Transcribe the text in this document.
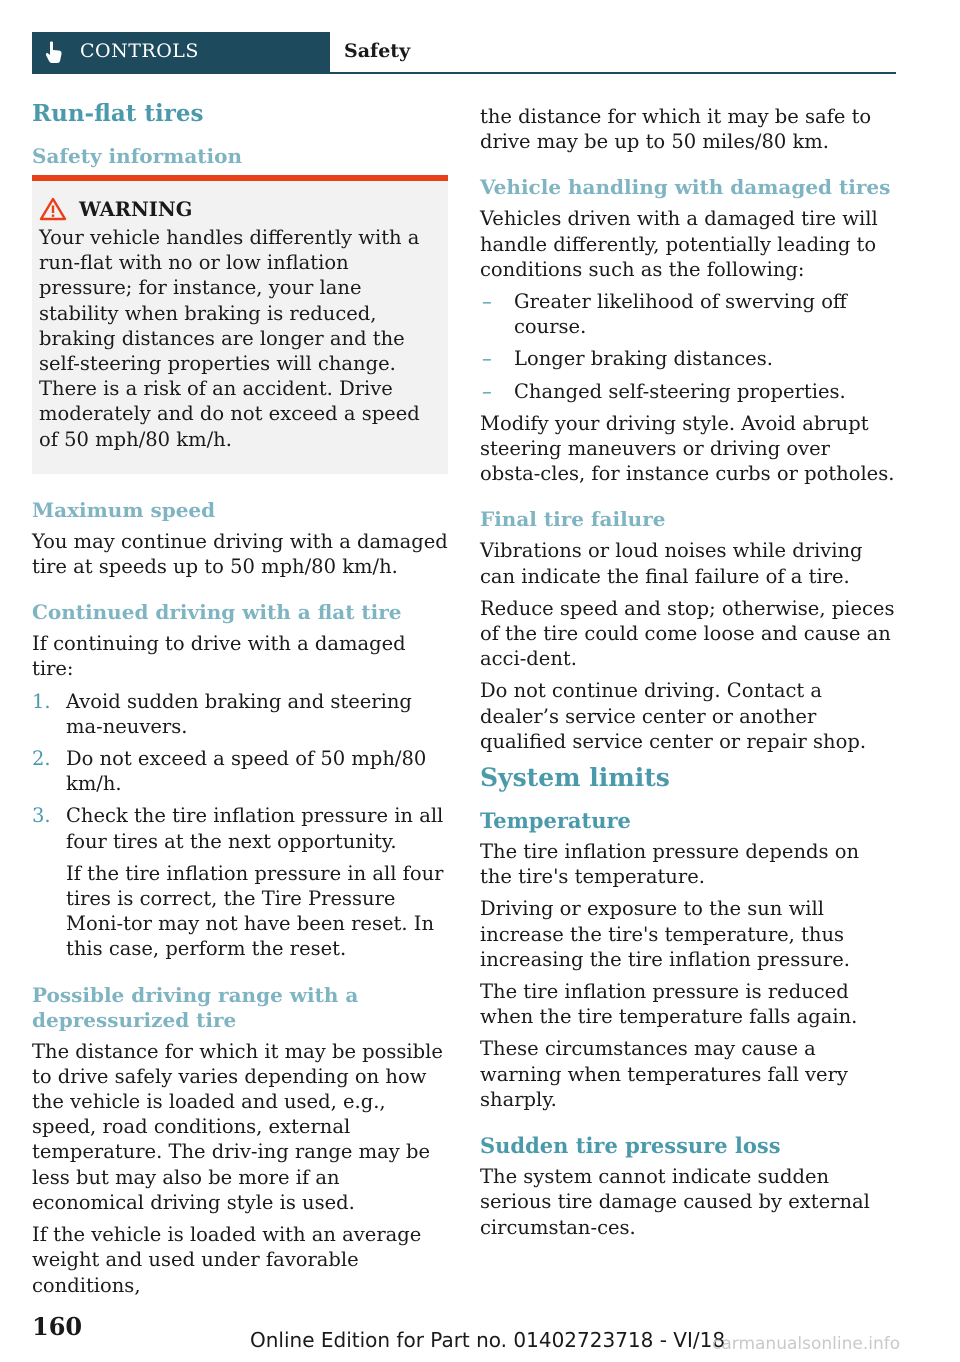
CONTROLS	Safety
Run-flat tires
Safety information
WARNING

Your vehicle handles differently with a run-flat with no or low inflation pressure; for instance, your lane stability when braking is reduced, braking distances are longer and the self-steering properties will change. There is a risk of an accident. Drive moderately and do not exceed a speed of 50 mph/80 km/h.

Maximum speed

You may continue driving with a damaged tire at speeds up to 50 mph/80 km/h.

Continued driving with a flat tire

If continuing to drive with a damaged tire:

1. Avoid sudden braking and steering ma‐neuvers.
2. Do not exceed a speed of 50 mph/80 km/h.
3. Check the tire inflation pressure in all four tires at the next opportunity.

If the tire inflation pressure in all four tires is correct, the Tire Pressure Moni‐tor may not have been reset. In this case, perform the reset.

Possible driving range with a depressurized tire

The distance for which it may be possible to drive safely varies depending on how the vehicle is loaded and used, e.g., speed, road conditions, external temperature. The driv‐ing range may be less but may also be more if an economical driving style is used.

If the vehicle is loaded with an average weight and used under favorable conditions,

the distance for which it may be safe to drive may be up to 50 miles/80 km.

Vehicle handling with damaged tires

Vehicles driven with a damaged tire will handle differently, potentially leading to conditions such as the following:

–	Greater likelihood of swerving off course.
–	Longer braking distances.
–	Changed self-steering properties.

Modify your driving style. Avoid abrupt steering maneuvers or driving over obsta‐cles, for instance curbs or potholes.

Final tire failure

Vibrations or loud noises while driving can indicate the final failure of a tire.

Reduce speed and stop; otherwise, pieces of the tire could come loose and cause an acci‐dent.

Do not continue driving. Contact a dealer’s service center or another qualified service center or repair shop.

System limits
Temperature

The tire inflation pressure depends on the tire's temperature.

Driving or exposure to the sun will increase the tire's temperature, thus increasing the tire inflation pressure.

The tire inflation pressure is reduced when the tire temperature falls again.

These circumstances may cause a warning when temperatures fall very sharply.

Sudden tire pressure loss

The system cannot indicate sudden serious tire damage caused by external circumstan‐ces.

160	Online Edition for Part no. 01402723718 - VI/18
carmanualsonline.info
